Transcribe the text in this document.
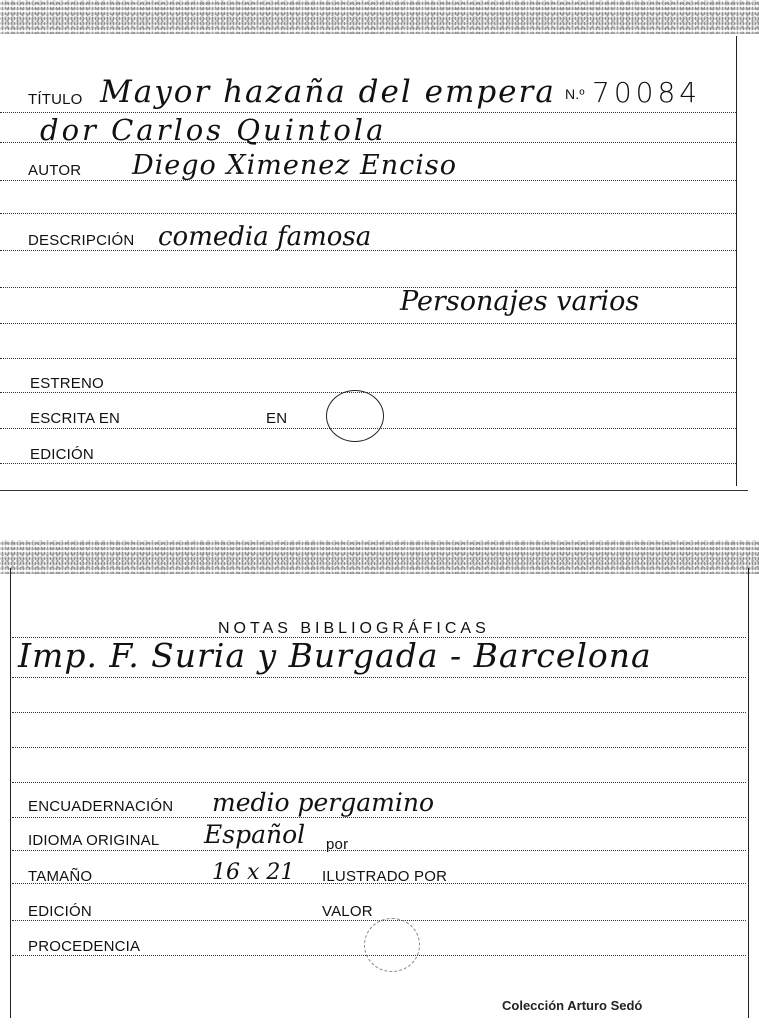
TÍTULO Mayor hazaña del empera N.º 70084
dor Carlos Quintola
AUTOR Diego Ximenez Enciso
DESCRIPCIÓN comedia famosa
Personajes varios
ESTRENO
ESCRITA EN	EN
EDICIÓN
NOTAS BIBLIOGRÁFICAS
Imp. F. Suria y Burgada - Barcelona
ENCUADERNACIÓN medio pergamino
IDIOMA ORIGINAL Español por
TAMAÑO	16 x 21 ILUSTRADO POR
EDICIÓN	VALOR
PROCEDENCIA
Colección Arturo Sedó
